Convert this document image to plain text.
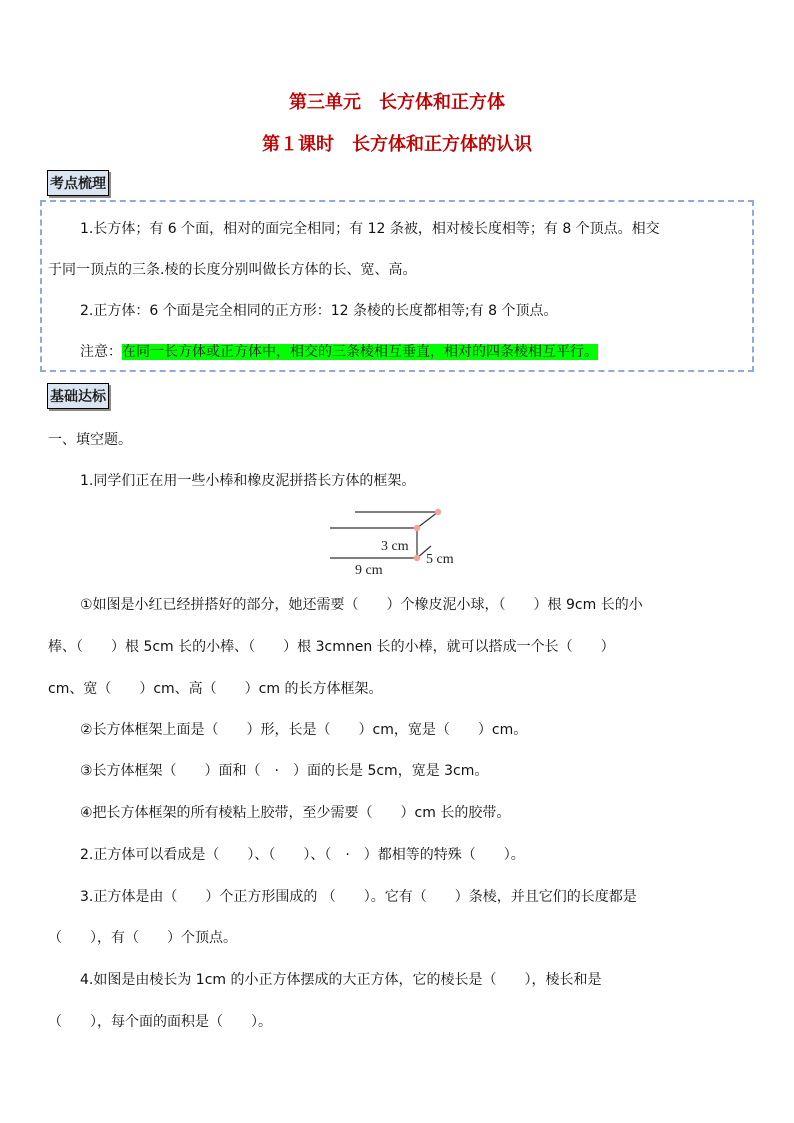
第三单元　长方体和正方体
第１课时　长方体和正方体的认识
考点梳理
1.长方体；有 6 个面，相对的面完全相同；有 12 条被，相对棱长度相等；有 8 个顶点。相交
于同一顶点的三条.棱的长度分别叫做长方体的长、宽、高。
2.正方体：6 个面是完全相同的正方形：12 条棱的长度都相等;有 8 个顶点。
注意：在同一长方体或正方体中，相交的三条棱相互垂直，相对的四条棱相互平行。
基础达标
一、填空题。
1.同学们正在用一些小棒和橡皮泥拼搭长方体的框架。
3 cm
5 cm
9 cm
①如图是小红已经拼搭好的部分，她还需要（　　）个橡皮泥小球，（　　）根 9cm 长的小
棒、（　　）根 5cm 长的小棒、（　　）根 3cmnen 长的小棒，就可以搭成一个长（　　）
cm、宽（　　）cm、高（　　）cm 的长方体框架。
②长方体框架上面是（　　）形，长是（　　）cm，宽是（　　）cm。
③长方体框架（　　）面和（　·　）面的长是 5cm，宽是 3cm。
④把长方体框架的所有棱粘上胶带，至少需要（　　）cm 长的胶带。
2.正方体可以看成是（　　）、（　　）、（　·　）都相等的特殊（　　）。
3.正方体是由（　　）个正方形围成的 （　　）。它有（　　）条棱，并且它们的长度都是
（　　），有（　　）个顶点。
4.如图是由棱长为 1cm 的小正方体摆成的大正方体，它的棱长是（　　），棱长和是
（　　），每个面的面积是（　　）。
